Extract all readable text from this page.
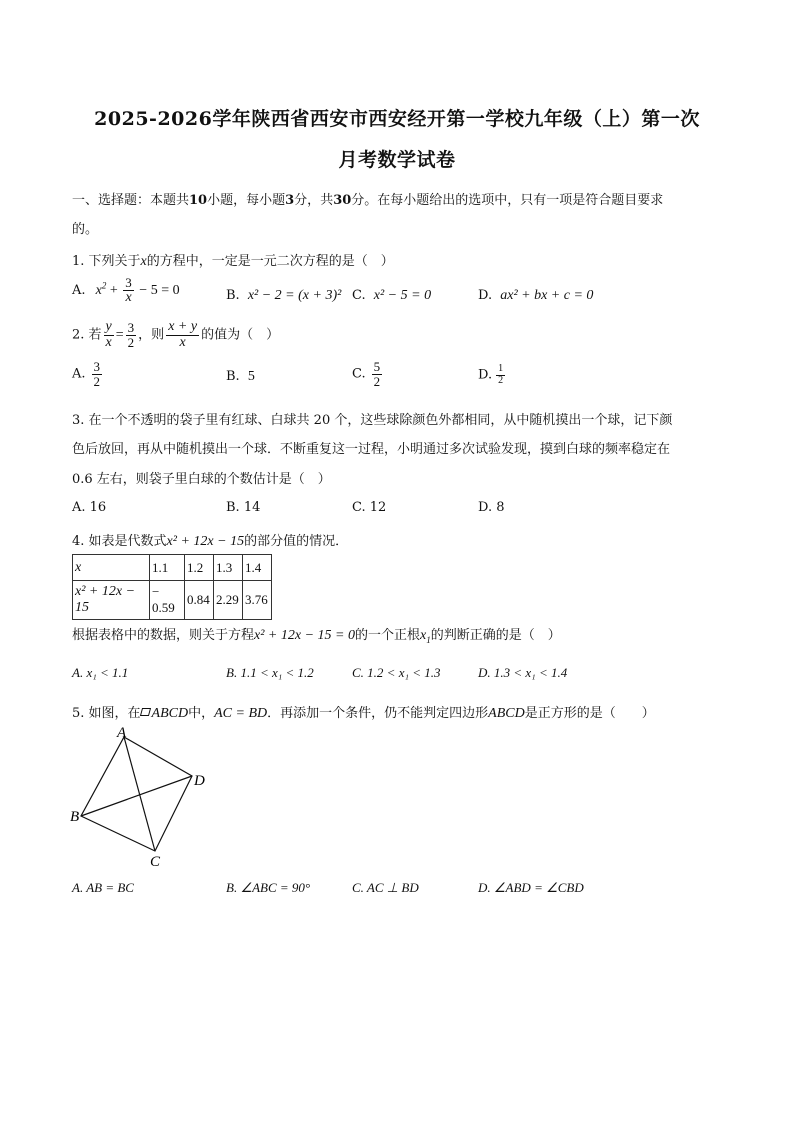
2025-2026学年陕西省西安市西安经开第一学校九年级（上）第一次
月考数学试卷
一、选择题：本题共10小题，每小题3分，共30分。在每小题给出的选项中，只有一项是符合题目要求
的。
1. 下列关于x的方程中，一定是一元二次方程的是（　）
A. $x^2 + \frac{3}{x} - 5 = 0$	B. x² − 2 = (x + 3)² C. x² − 5 = 0	D. ax² + bx + c = 0
2. 若 $\frac{y}{x} = \frac{3}{2}$ ，则 $\frac{x + y}{x}$ 的值为（　）
A. $\frac{3}{2}$	B. 5	C. $\frac{5}{2}$	D. $\frac{1}{2}$
3. 在一个不透明的袋子里有红球、白球共 20 个，这些球除颜色外都相同，从中随机摸出一个球，记下颜
色后放回，再从中随机摸出一个球．不断重复这一过程，小明通过多次试验发现，摸到白球的频率稳定在
0.6 左右，则袋子里白球的个数估计是（　）
A. 16	B. 14	C. 12	D. 8
4. 如表是代数式x² + 12x − 15的部分值的情况．
x	1.1	1.2	1.3	1.4
x² + 12x − 15	− 0.59	0.84	2.29	3.76
根据表格中的数据，则关于方程x² + 12x − 15 = 0的一个正根$x_1$的判断正确的是（　）
A. x₁ < 1.1	B. 1.1 < x₁ < 1.2	C. 1.2 < x₁ < 1.3	D. 1.3 < x₁ < 1.4
5. 如图，在 ABCD中，AC = BD．再添加一个条件，仍不能判定四边形ABCD是正方形的是（　　）
A
D
B
C
A. AB = BC	B. ∠ABC = 90°	C. AC ⊥ BD	D. ∠ABD = ∠CBD
